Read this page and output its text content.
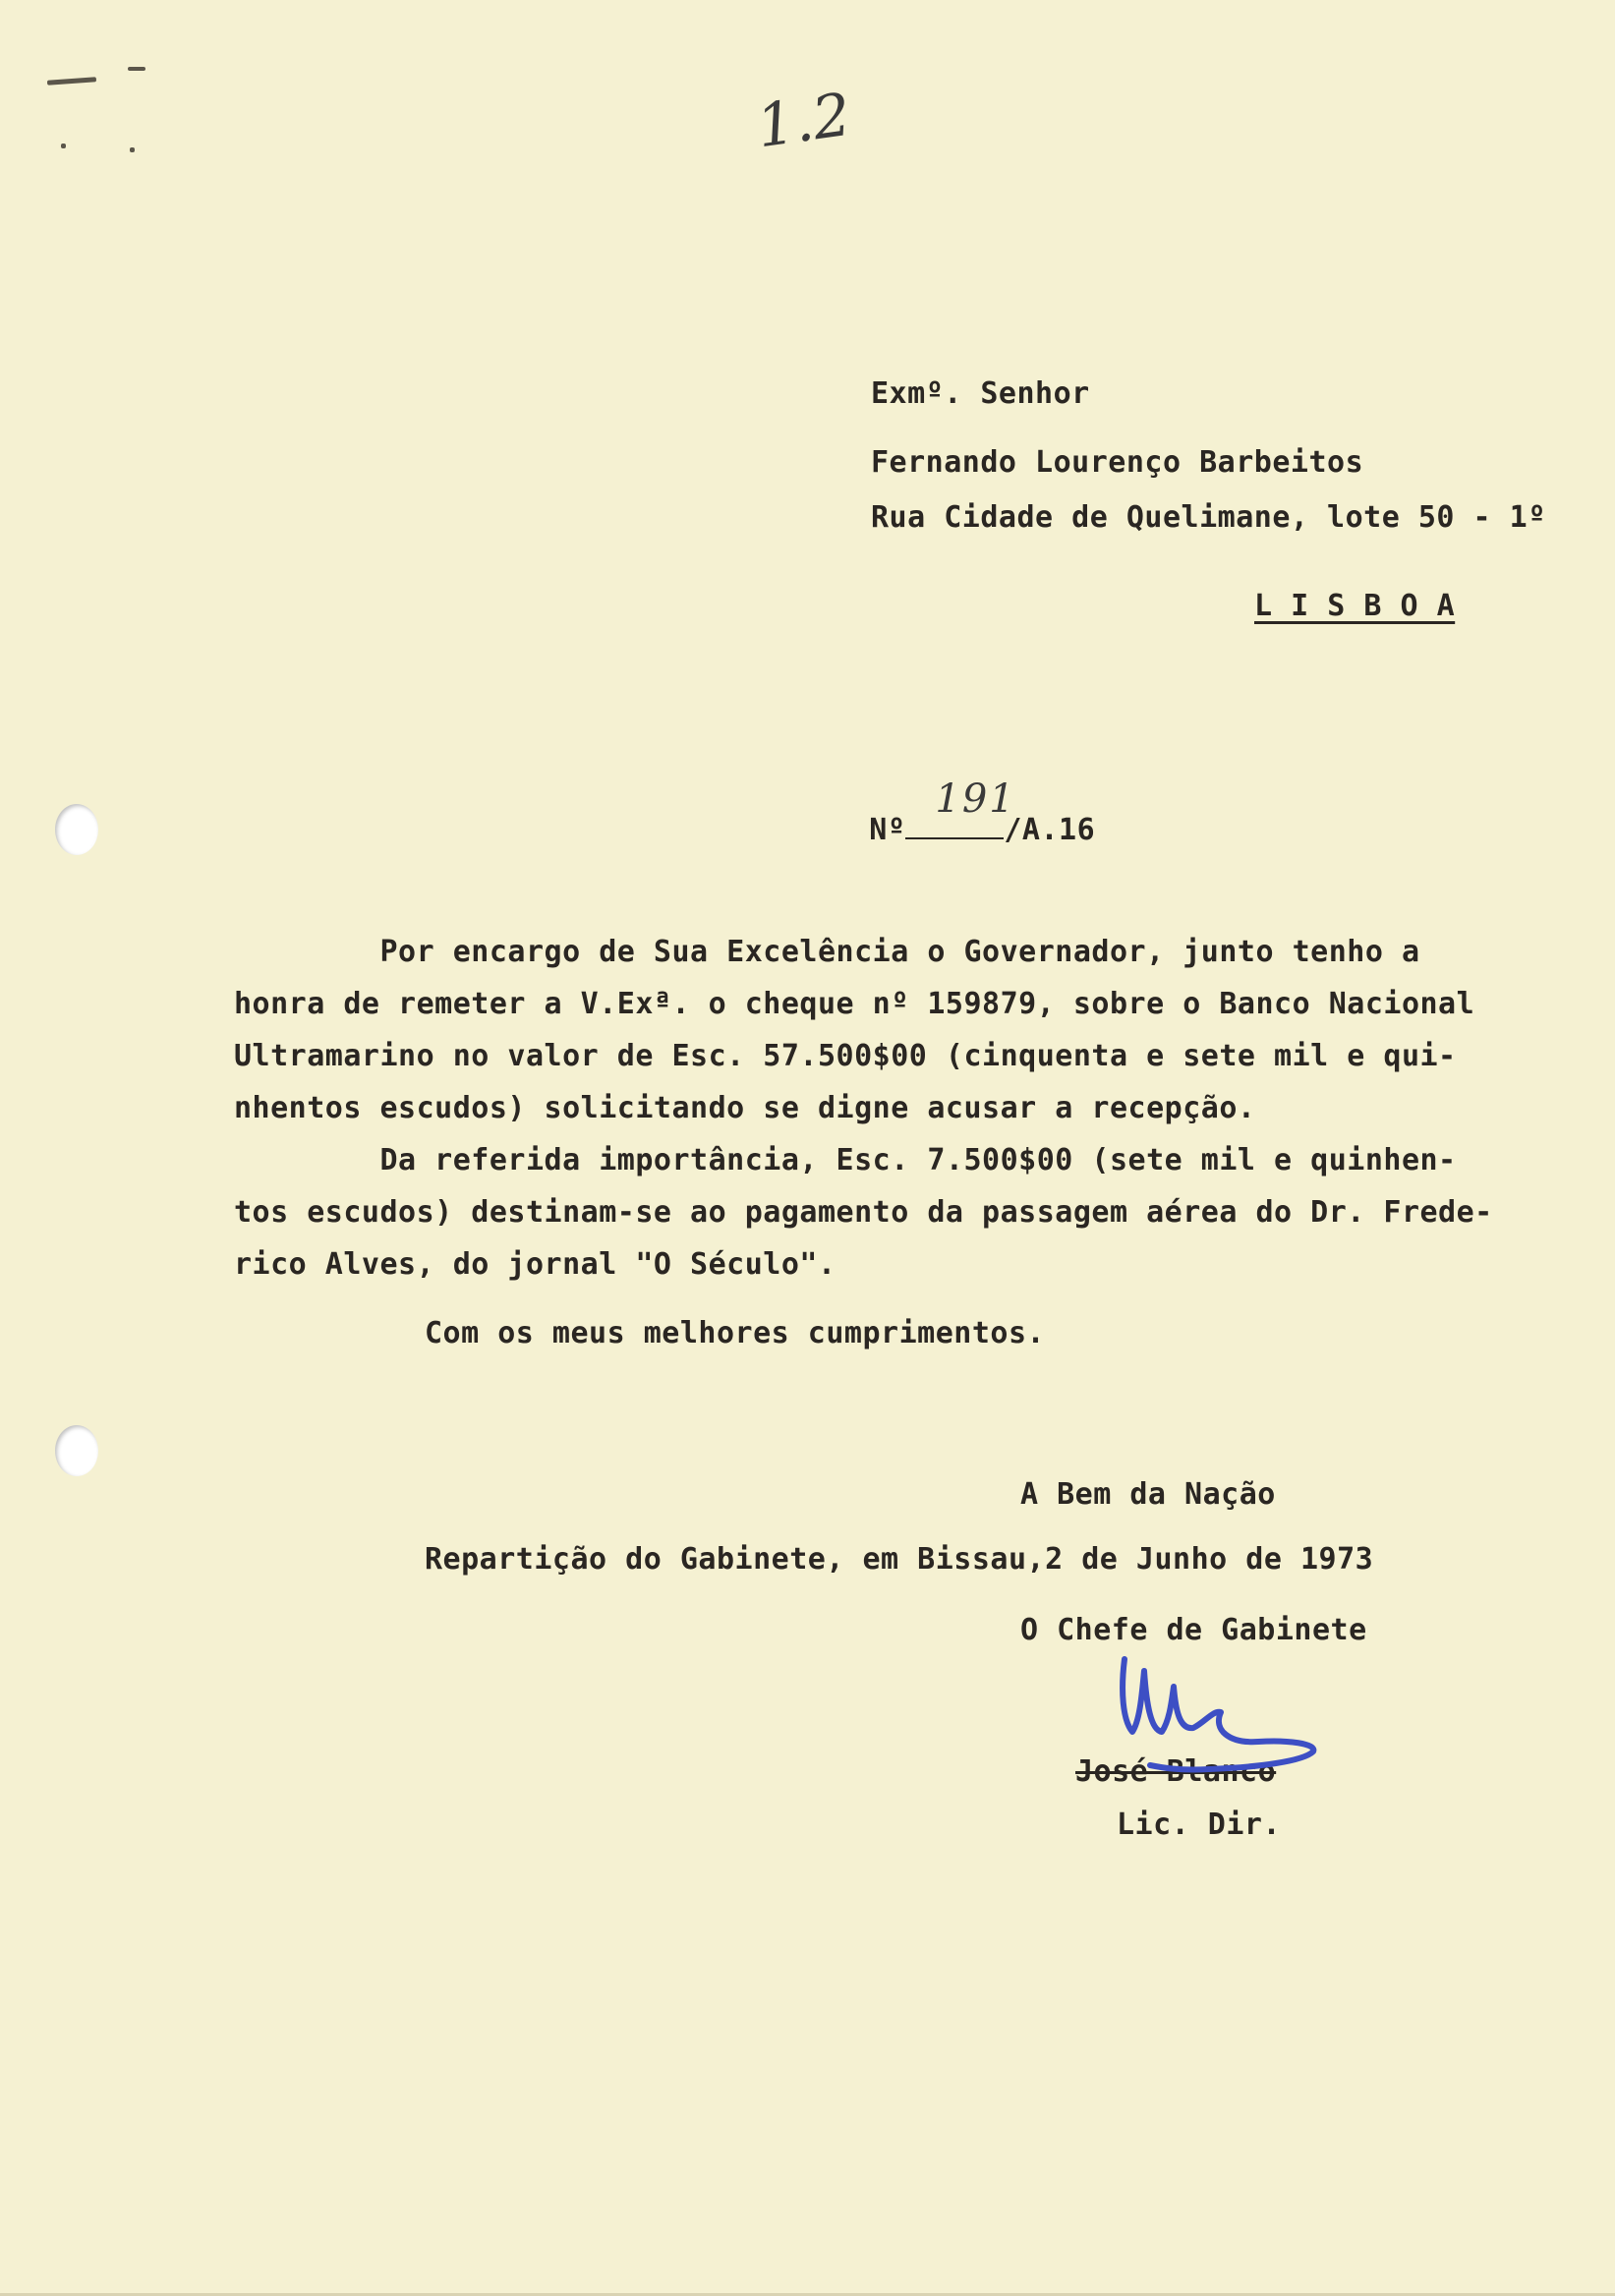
1.2
Exmº. Senhor
Fernando Lourenço Barbeitos
Rua Cidade de Quelimane, lote 50 - 1º
L I S B O A

Nº
191
/A.16

Por encargo de Sua Excelência o Governador, junto tenho a
honra de remeter a V.Exª. o cheque nº 159879, sobre o Banco Nacional
Ultramarino no valor de Esc. 57.500$00 (cinquenta e sete mil e qui-
nhentos escudos) solicitando se digne acusar a recepção.
Da referida importância, Esc. 7.500$00 (sete mil e quinhen-
tos escudos) destinam-se ao pagamento da passagem aérea do Dr. Frede-
rico Alves, do jornal "O Século".
Com os meus melhores cumprimentos.
A Bem da Nação
Repartição do Gabinete, em Bissau,2 de Junho de 1973
O Chefe de Gabinete
José Blanco
Lic. Dir.
